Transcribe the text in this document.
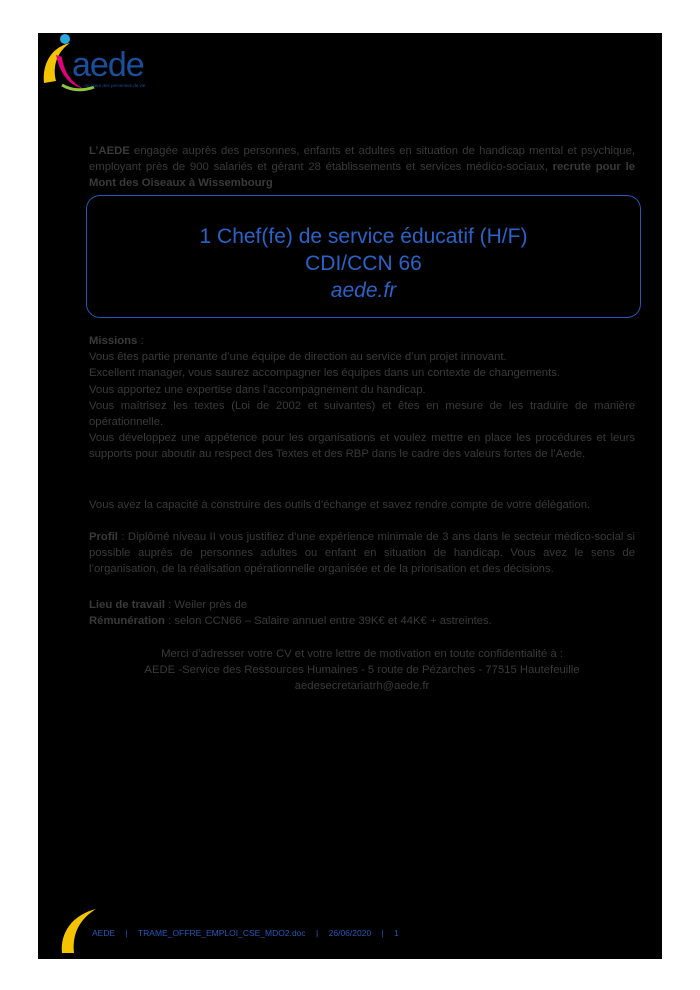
aede
Au cœur des personnes de vie
L’AEDE engagée auprès des personnes, enfants et adultes en situation de handicap mental et psychique, employant près de 900 salariés et gérant 28 établissements et services médico-sociaux, recrute pour le Mont des Oiseaux à Wissembourg
1 Chef(fe) de service éducatif (H/F)
CDI/CCN 66
aede.fr
Missions :
Vous êtes partie prenante d’une équipe de direction au service d’un projet innovant.
Excellent manager, vous saurez accompagner les équipes dans un contexte de changements.
Vous apportez une expertise dans l’accompagnement du handicap.
Vous maîtrisez les textes (Loi de 2002 et suivantes) et êtes en mesure de les traduire de manière opérationnelle.
Vous développez une appétence pour les organisations et voulez mettre en place les procédures et leurs supports pour aboutir au respect des Textes et des RBP dans le cadre des valeurs fortes de l’Aede.
Vous avez la capacité à construire des outils d’échange et savez rendre compte de votre délégation.
Profil : Diplômé niveau II vous justifiez d’une expérience minimale de 3 ans dans le secteur médico-social si possible auprès de personnes adultes ou enfant en situation de handicap. Vous avez le sens de l’organisation, de la réalisation opérationnelle organisée et de la priorisation et des décisions.
Lieu de travail : Weiler près de
Rémunération : selon CCN66 – Salaire annuel entre 39K€ et 44K€ + astreintes.
Merci d’adresser votre CV et votre lettre de motivation en toute confidentialité à :
AEDE -Service des Ressources Humaines - 5 route de Pézarches - 77515 Hautefeuille
aedesecretariatrh@aede.fr
AEDE | TRAME_OFFRE_EMPLOI_CSE_MDO2.doc | 26/06/2020 | 1
